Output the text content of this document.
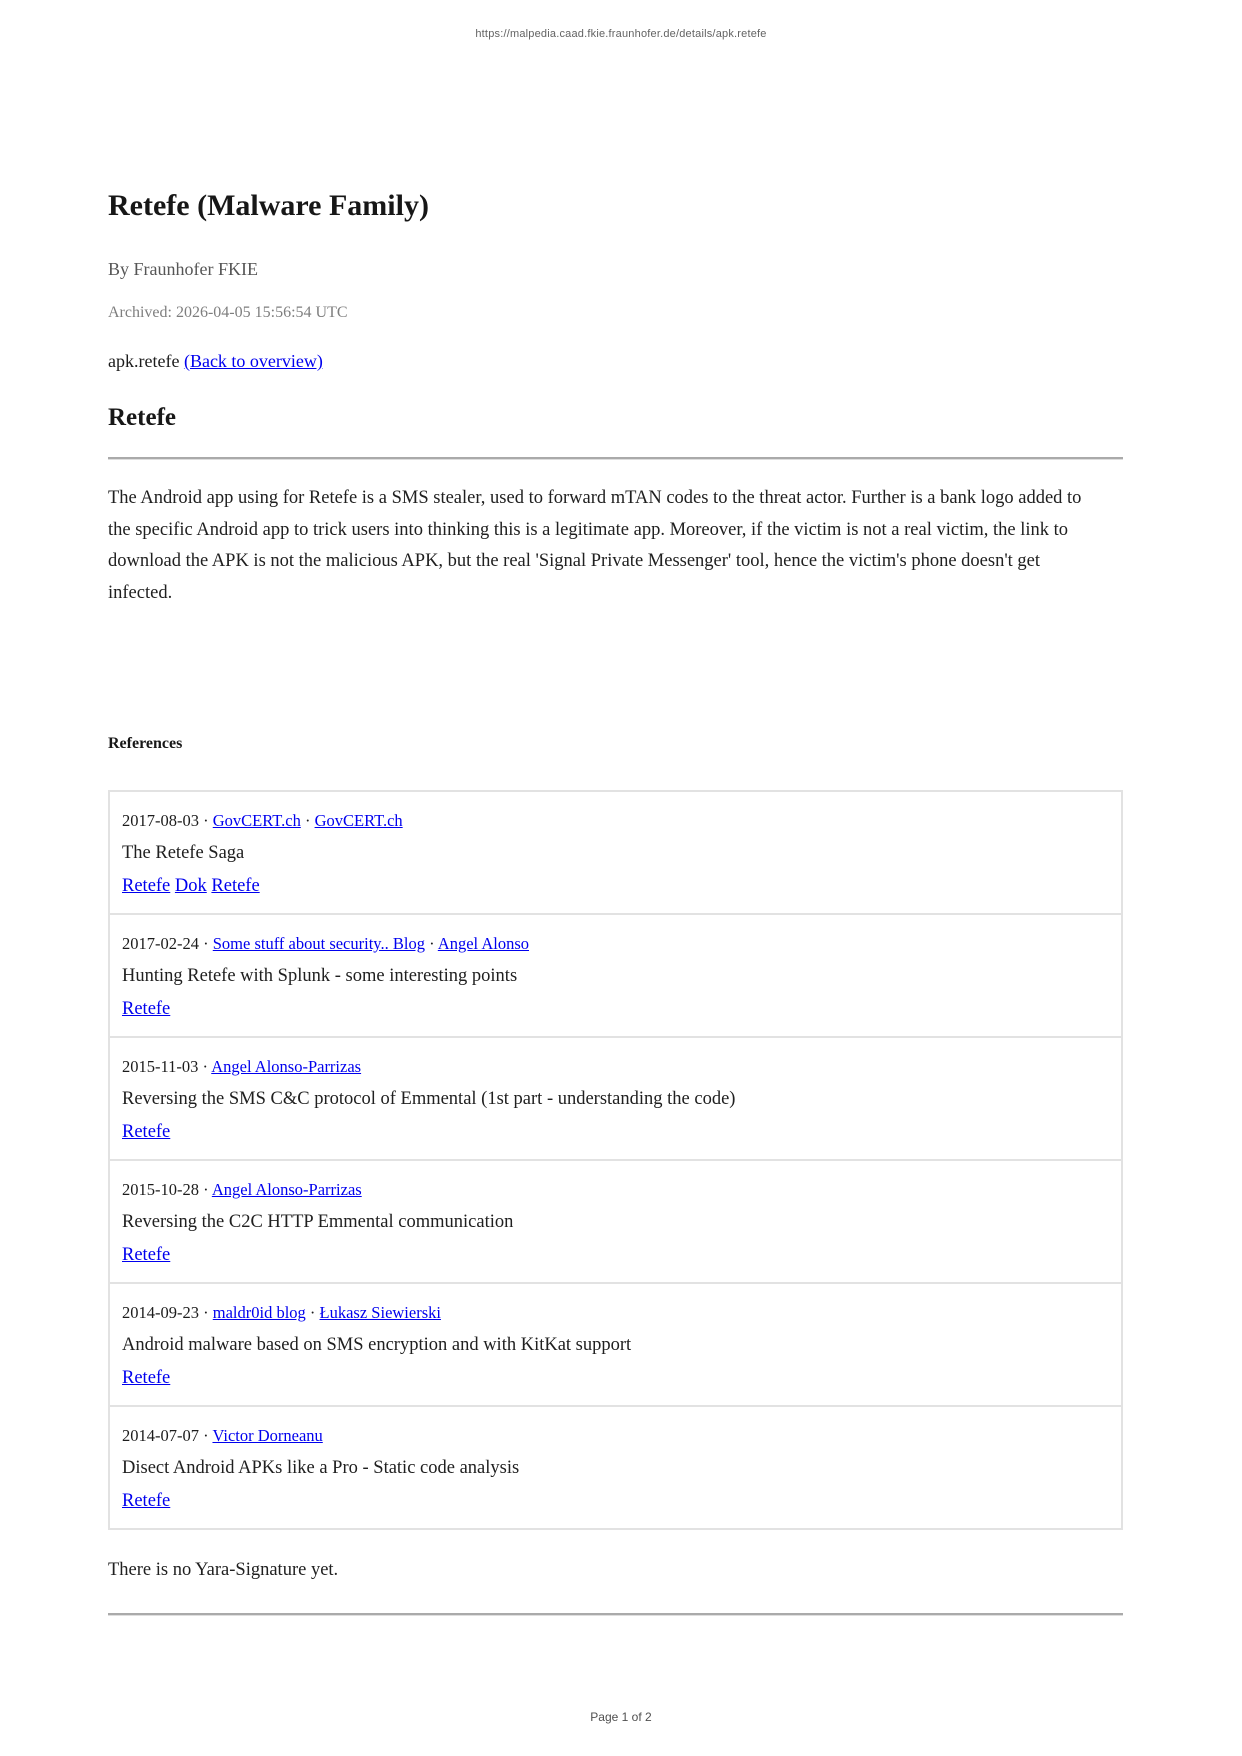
https://malpedia.caad.fkie.fraunhofer.de/details/apk.retefe
Retefe (Malware Family)
By Fraunhofer FKIE
Archived: 2026-04-05 15:56:54 UTC
apk.retefe (Back to overview)
Retefe
The Android app using for Retefe is a SMS stealer, used to forward mTAN codes to the threat actor. Further is a bank logo added to the specific Android app to trick users into thinking this is a legitimate app. Moreover, if the victim is not a real victim, the link to download the APK is not the malicious APK, but the real 'Signal Private Messenger' tool, hence the victim's phone doesn't get infected.
References
2017-08-03 · GovCERT.ch · GovCERT.ch
The Retefe Saga
Retefe Dok Retefe
2017-02-24 · Some stuff about security.. Blog · Angel Alonso
Hunting Retefe with Splunk - some interesting points
Retefe
2015-11-03 · Angel Alonso-Parrizas
Reversing the SMS C&C protocol of Emmental (1st part - understanding the code)
Retefe
2015-10-28 · Angel Alonso-Parrizas
Reversing the C2C HTTP Emmental communication
Retefe
2014-09-23 · maldr0id blog · Łukasz Siewierski
Android malware based on SMS encryption and with KitKat support
Retefe
2014-07-07 · Victor Dorneanu
Disect Android APKs like a Pro - Static code analysis
Retefe
There is no Yara-Signature yet.
Page 1 of 2
